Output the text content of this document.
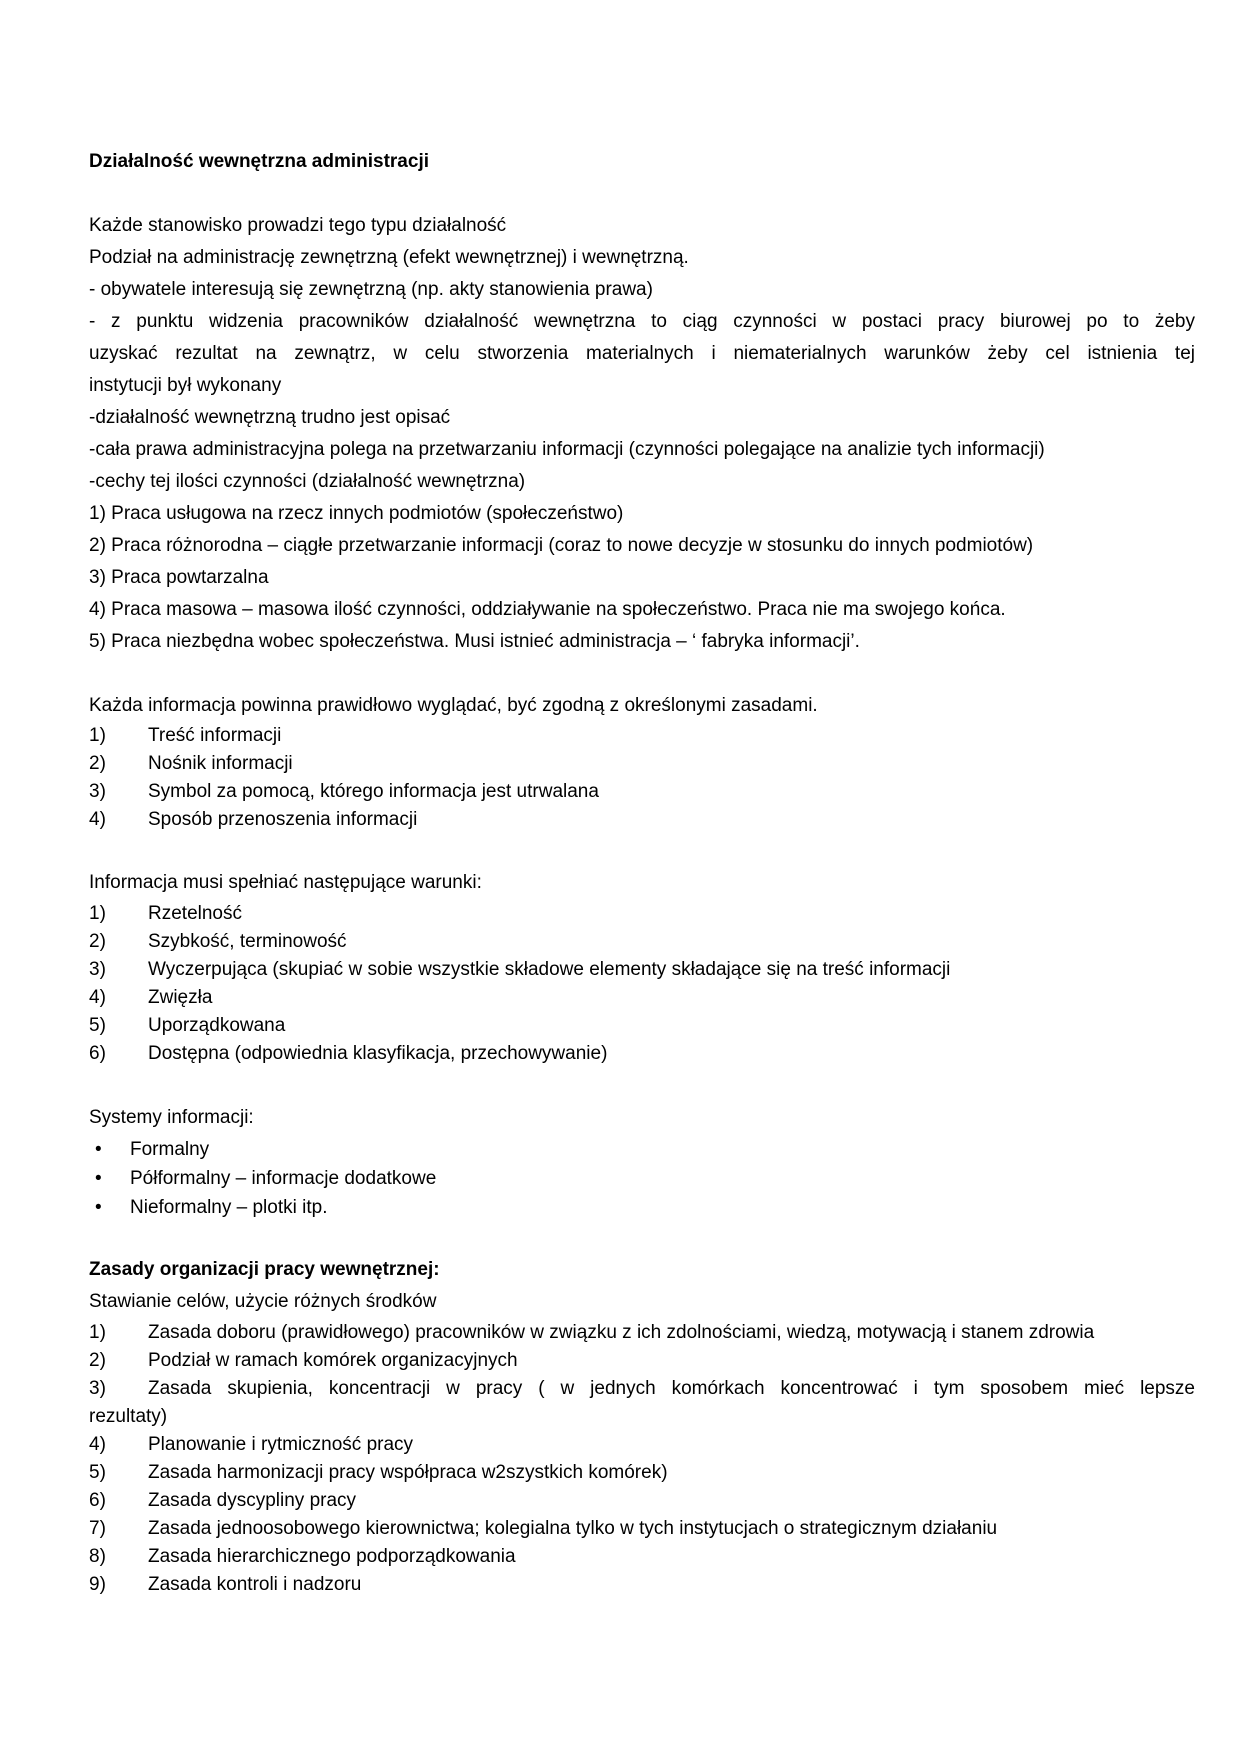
Działalność wewnętrzna administracji
Każde stanowisko prowadzi tego typu działalność
Podział na administrację zewnętrzną (efekt wewnętrznej) i wewnętrzną.
- obywatele interesują się zewnętrzną (np. akty stanowienia prawa)
- z punktu widzenia pracowników działalność wewnętrzna to ciąg czynności w postaci pracy biurowej po to żeby
uzyskać rezultat na zewnątrz, w celu stworzenia materialnych i niematerialnych warunków żeby cel istnienia tej
instytucji był wykonany
-działalność wewnętrzną trudno jest opisać
-cała prawa administracyjna polega na przetwarzaniu informacji (czynności polegające na analizie tych informacji)
-cechy tej ilości czynności (działalność wewnętrzna)
1) Praca usługowa na rzecz innych podmiotów (społeczeństwo)
2) Praca różnorodna – ciągłe przetwarzanie informacji (coraz to nowe decyzje w stosunku do innych podmiotów)
3) Praca powtarzalna
4) Praca masowa – masowa ilość czynności, oddziaływanie na społeczeństwo. Praca nie ma swojego końca.
5) Praca niezbędna wobec społeczeństwa. Musi istnieć administracja – ‘ fabryka informacji’.
Każda informacja powinna prawidłowo wyglądać, być zgodną z określonymi zasadami.
1) Treść informacji
2) Nośnik informacji
3) Symbol za pomocą, którego informacja jest utrwalana
4) Sposób przenoszenia informacji
Informacja musi spełniać następujące warunki:
1) Rzetelność
2) Szybkość, terminowość
3) Wyczerpująca (skupiać w sobie wszystkie składowe elementy składające się na treść informacji
4) Zwięzła
5) Uporządkowana
6) Dostępna (odpowiednia klasyfikacja, przechowywanie)
Systemy informacji:
• Formalny
• Półformalny – informacje dodatkowe
• Nieformalny – plotki itp.
Zasady organizacji pracy wewnętrznej:
Stawianie celów, użycie różnych środków
1) Zasada doboru (prawidłowego) pracowników w związku z ich zdolnościami, wiedzą, motywacją i stanem zdrowia
2) Podział w ramach komórek organizacyjnych
3) Zasada skupienia, koncentracji w pracy ( w jednych komórkach koncentrować i tym sposobem mieć lepsze
rezultaty)
4) Planowanie i rytmiczność pracy
5) Zasada harmonizacji pracy współpraca w2szystkich komórek)
6) Zasada dyscypliny pracy
7) Zasada jednoosobowego kierownictwa; kolegialna tylko w tych instytucjach o strategicznym działaniu
8) Zasada hierarchicznego podporządkowania
9) Zasada kontroli i nadzoru
